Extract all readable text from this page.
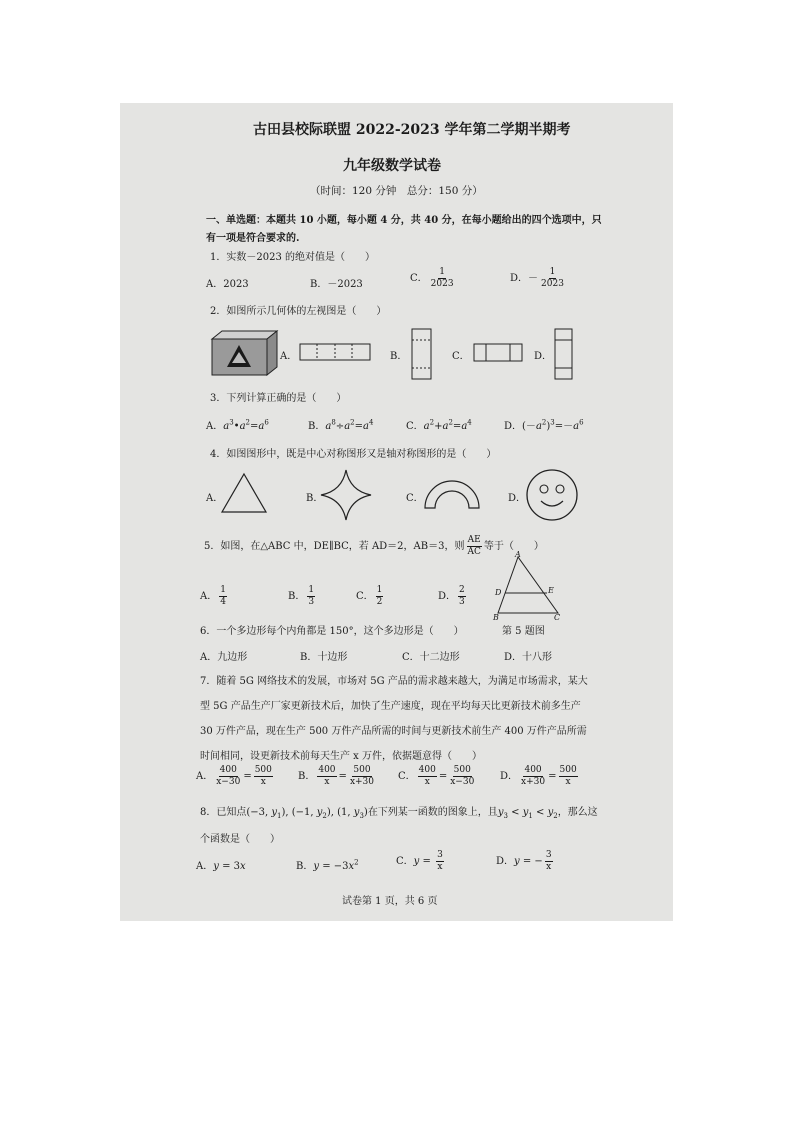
古田县校际联盟 2022-2023 学年第二学期半期考
九年级数学试卷
（时间：120 分钟　总分：150 分）
一、单选题：本题共 10 小题，每小题 4 分，共 40 分，在每小题给出的四个选项中，只
有一项是符合要求的.
1．实数－2023 的绝对值是（　　）
A．2023	B．－2023
C． $\frac{1}{2023}$	D．－ $\frac{1}{2023}$
2．如图所示几何体的左视图是（　　）
A．	B．	C．	D．
3．下列计算正确的是（　　）
A．$a^3•a^2=a^6$	B．$a^8\div a^2=a^4$	C．$a^2+a^2=a^4$	D．$(-a^2)^3=-a^6$
4．如图图形中，既是中心对称图形又是轴对称图形的是（　　）
A．	B．	C．	D．
5．如图，在△ABC 中，DE∥BC，若 AD＝2，AB＝3，则 $\frac{AE}{AC}$ 等于（　　）
A． $\frac{1}{4}$	B． $\frac{1}{3}$	C． $\frac{1}{2}$	D． $\frac{2}{3}$
A
B	C
D	E
第 5 题图
6．一个多边形每个内角都是 150°，这个多边形是（　　）
A．九边形	B．十边形	C．十二边形	D．十八形
7．随着 5G 网络技术的发展，市场对 5G 产品的需求越来越大，为满足市场需求，某大
型 5G 产品生产厂家更新技术后，加快了生产速度，现在平均每天比更新技术前多生产
30 万件产品，现在生产 500 万件产品所需的时间与更新技术前生产 400 万件产品所需
时间相同，设更新技术前每天生产 x 万件，依据题意得（　　）
A． $\frac{400}{x-30} = \frac{500}{x}$	B． $\frac{400}{x} = \frac{500}{x+30}$ C． $\frac{400}{x} = \frac{500}{x-30}$ D． $\frac{400}{x+30} = \frac{500}{x}$
8．已知点(−3, $y_1$), (−1, $y_2$), (1, $y_3$)在下列某一函数的图象上，且$y_3 < y_1 < y_2$，那么这
个函数是（　　）
A．y = 3x	B．$y = -3x^2$	C．$y = \frac{3}{x}$	D．y = − $\frac{3}{x}$
试卷第 1 页，共 6 页
